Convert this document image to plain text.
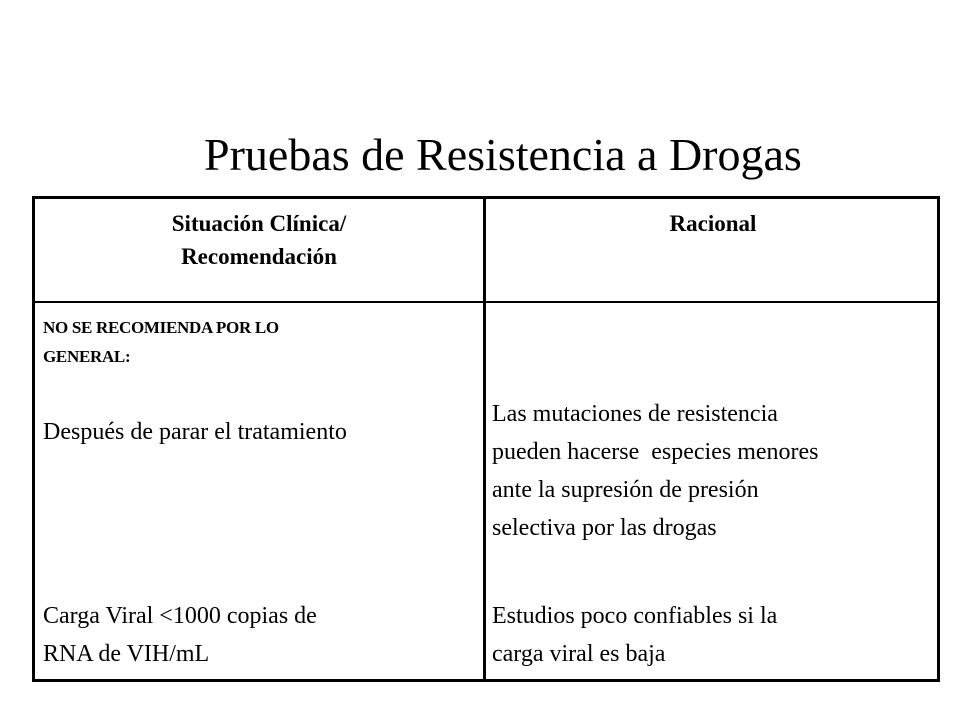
Pruebas de Resistencia a Drogas
Situación Clínica/
Recomendación
Racional
NO SE RECOMIENDA POR LO
GENERAL:
Después de parar el tratamiento
Las mutaciones de resistencia
pueden hacerse  especies menores
ante la supresión de presión
selectiva por las drogas
Carga Viral <1000 copias de
RNA de VIH/mL
Estudios poco confiables si la
carga viral es baja
